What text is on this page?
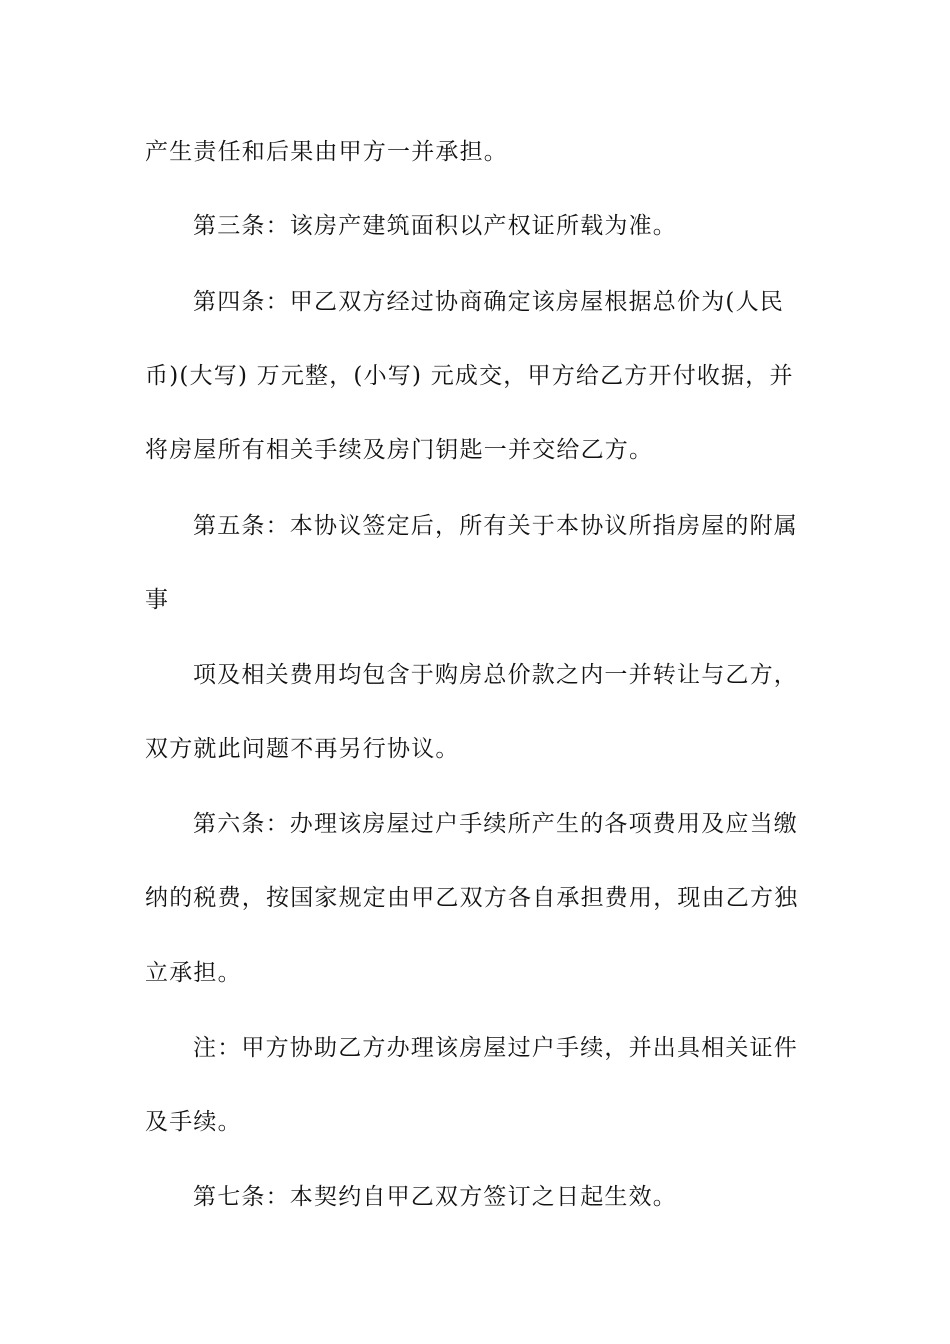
产生责任和后果由甲方一并承担。
第三条：该房产建筑面积以产权证所载为准。
第四条：甲乙双方经过协商确定该房屋根据总价为(人民
币)(大写) 万元整，(小写) 元成交，甲方给乙方开付收据，并
将房屋所有相关手续及房门钥匙一并交给乙方。
第五条：本协议签定后，所有关于本协议所指房屋的附属
事
项及相关费用均包含于购房总价款之内一并转让与乙方，
双方就此问题不再另行协议。
第六条：办理该房屋过户手续所产生的各项费用及应当缴
纳的税费，按国家规定由甲乙双方各自承担费用，现由乙方独
立承担。
注：甲方协助乙方办理该房屋过户手续，并出具相关证件
及手续。
第七条：本契约自甲乙双方签订之日起生效。
